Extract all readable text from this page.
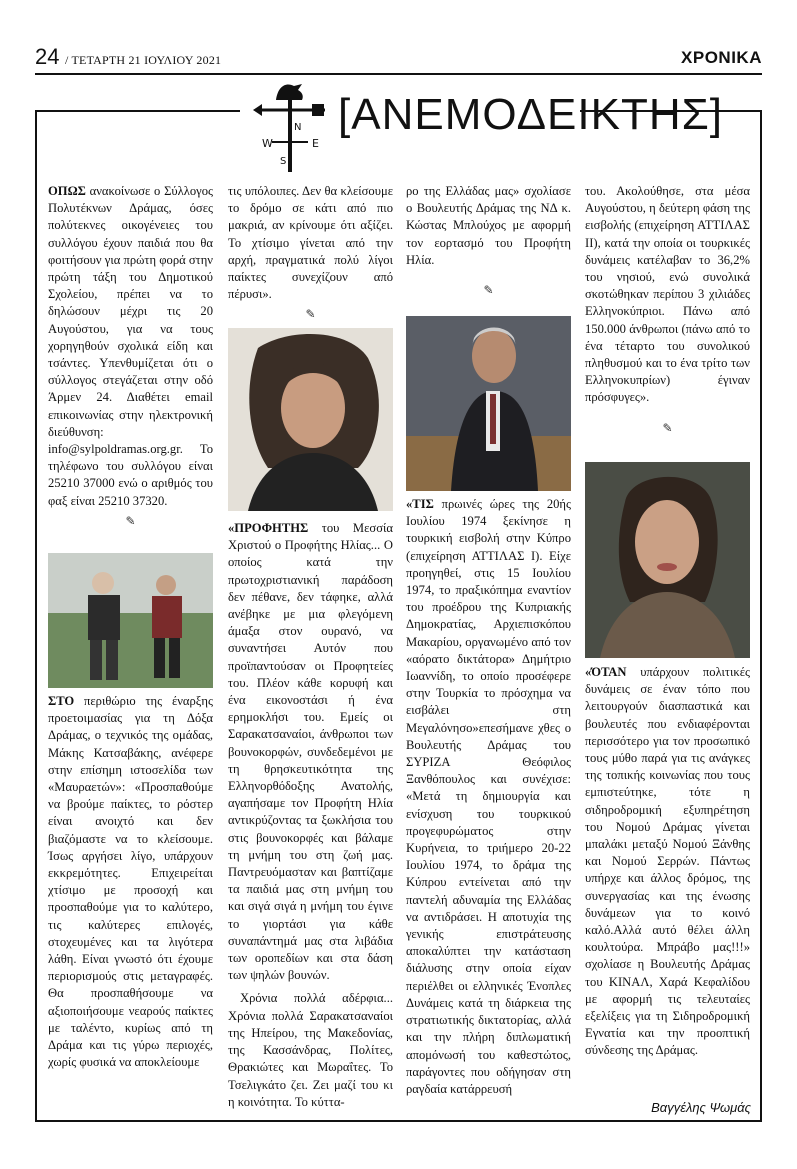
24 / ΤΕΤΑΡΤΗ 21 ΙΟΥΛΙΟΥ 2021	ΧΡΟΝΙΚΑ
W	E
S
N [ΑΝΕΜΟΔΕΙΚΤΗΣ]

ΟΠΩΣ ανακοίνωσε ο Σύλλογος Πολυτέκνων Δράμας, όσες πολύτεκνες οικογένειες του συλλόγου έχουν παιδιά που θα φοιτήσουν για πρώτη φορά στην πρώτη τάξη του Δημοτικού Σχολείου, πρέπει να το δηλώσουν μέχρι τις 20 Αυγούστου, για να τους χορηγηθούν σχολικά είδη και τσάντες. Υπενθυμίζεται ότι ο σύλλογος στεγάζεται στην οδό Άρμεν 24. Διαθέτει email επικοινωνίας στην ηλεκτρονική διεύθυνση: info@sylpoldramas.org.gr. Το τηλέφωνο του συλλόγου είναι 25210 37000 ενώ ο αριθμός του φαξ είναι 25210 37320.

✎

ΣΤΟ περιθώριο της έναρξης προετοιμασίας για τη Δόξα Δράμας, ο τεχνικός της ομάδας, Μάκης Κατσαβάκης, ανέφερε στην επίσημη ιστοσελίδα των «Μαυραετών»: «Προσπαθούμε να βρούμε παίκτες, το ρόστερ είναι ανοιχτό και δεν βιαζόμαστε να το κλείσουμε. Ίσως αργήσει λίγο, υπάρχουν εκκρεμότητες. Επιχειρείται χτίσιμο με προσοχή και προσπαθούμε για το καλύτερο, τις καλύτερες επιλογές, στοχευμένες και τα λιγότερα λάθη. Είναι γνωστό ότι έχουμε περιορισμούς στις μεταγραφές. Θα προσπαθήσουμε να αξιοποιήσουμε νεαρούς παίκτες με ταλέντο, κυρίως από τη Δράμα και τις γύρω περιοχές, χωρίς φυσικά να αποκλείουμε

τις υπόλοιπες. Δεν θα κλείσουμε το δρόμο σε κάτι από πιο μακριά, αν κρίνουμε ότι αξίζει. Το χτίσιμο γίνεται από την αρχή, πραγματικά πολύ λίγοι παίκτες συνεχίζουν από πέρυσι».

✎

«ΠΡΟΦΗΤΗΣ του Μεσσία Χριστού ο Προφήτης Ηλίας... Ο οποίος κατά την πρωτοχριστιανική παράδοση δεν πέθανε, δεν τάφηκε, αλλά ανέβηκε με μια φλεγόμενη άμαξα στον ουρανό, να συναντήσει Αυτόν που προϊπαντούσαν οι Προφητείες του. Πλέον κάθε κορυφή και ένα εικονοστάσι ή ένα ερημοκλήσι του. Εμείς οι Σαρακατσαναίοι, άνθρωποι των βουνοκορφών, συνδεδεμένοι με τη θρησκευτικότητα της Ελληνορθόδοξης Ανατολής, αγαπήσαμε τον Προφήτη Ηλία αντικρύζοντας τα ξωκλήσια του στις βουνοκορφές και βάλαμε τη μνήμη του στη ζωή μας. Παντρευόμασταν και βαπτίζαμε τα παιδιά μας στη μνήμη του και σιγά σιγά η μνήμη του έγινε το γιορτάσι για κάθε συναπάντημά μας στα λιβάδια των οροπεδίων και στα δάση των ψηλών βουνών.

Χρόνια πολλά αδέρφια... Χρόνια πολλά Σαρακατσαναίοι της Ηπείρου, της Μακεδονίας, της Κασσάνδρας, Πολίτες, Θρακιώτες και Μωραΐτες. Το Τσελιγκάτο ζει. Ζει μαζί του κι η κοινότητα. Το κύττα-

ρο της Ελλάδας μας» σχολίασε ο Βουλευτής Δράμας της ΝΔ κ. Κώστας Μπλούχος με αφορμή τον εορτασμό του Προφήτη Ηλία.

✎

«ΤΙΣ πρωινές ώρες της 20ής Ιουλίου 1974 ξεκίνησε η τουρκική εισβολή στην Κύπρο (επιχείρηση ΑΤΤΙΛΑΣ Ι). Είχε προηγηθεί, στις 15 Ιουλίου 1974, το πραξικόπημα εναντίον του προέδρου της Κυπριακής Δημοκρατίας, Αρχιεπισκόπου Μακαρίου, οργανωμένο από τον «αόρατο δικτάτορα» Δημήτριο Ιωαννίδη, το οποίο προσέφερε στην Τουρκία το πρόσχημα να εισβάλει στη Μεγαλόνησο»επεσήμανε χθες ο Βουλευτής Δράμας του ΣΥΡΙΖΑ Θεόφιλος Ξανθόπουλος και συνέχισε: «Μετά τη δημιουργία και ενίσχυση του τουρκικού προγεφυρώματος στην Κυρήνεια, το τριήμερο 20-22 Ιουλίου 1974, το δράμα της Κύπρου εντείνεται από την παντελή αδυναμία της Ελλάδας να αντιδράσει. Η αποτυχία της γενικής επιστράτευσης αποκαλύπτει την κατάσταση διάλυσης στην οποία είχαν περιέλθει οι ελληνικές Ένοπλες Δυνάμεις κατά τη διάρκεια της στρατιωτικής δικτατορίας, αλλά και την πλήρη διπλωματική απομόνωσή του καθεστώτος, παράγοντες που οδήγησαν στη ραγδαία κατάρρευσή

του. Ακολούθησε, στα μέσα Αυγούστου, η δεύτερη φάση της εισβολής (επιχείρηση ΑΤΤΙΛΑΣ ΙΙ), κατά την οποία οι τουρκικές δυνάμεις κατέλαβαν το 36,2% του νησιού, ενώ συνολικά σκοτώθηκαν περίπου 3 χιλιάδες Ελληνοκύπριοι. Πάνω από 150.000 άνθρωποι (πάνω από το ένα τέταρτο του συνολικού πληθυσμού και το ένα τρίτο των Ελληνοκυπρίων) έγιναν πρόσφυγες».

✎

«ΌΤΑΝ υπάρχουν πολιτικές δυνάμεις σε έναν τόπο που λειτουργούν διασπαστικά και βουλευτές που ενδιαφέρονται περισσότερο για τον προσωπικό τους μύθο παρά για τις ανάγκες της τοπικής κοινωνίας που τους εμπιστεύτηκε, τότε η σιδηροδρομική εξυπηρέτηση του Νομού Δράμας γίνεται μπαλάκι μεταξύ Νομού Ξάνθης και Νομού Σερρών. Πάντως υπήρχε και άλλος δρόμος, της συνεργασίας και της ένωσης δυνάμεων για το κοινό καλό.Αλλά αυτό θέλει άλλη κουλτούρα. Μπράβο μας!!!» σχολίασε η Βουλευτής Δράμας του ΚΙΝΑΛ, Χαρά Κεφαλίδου με αφορμή τις τελευταίες εξελίξεις για τη Σιδηροδρομική Εγνατία και την προοπτική σύνδεσης της Δράμας.

Βαγγέλης Ψωμάς
